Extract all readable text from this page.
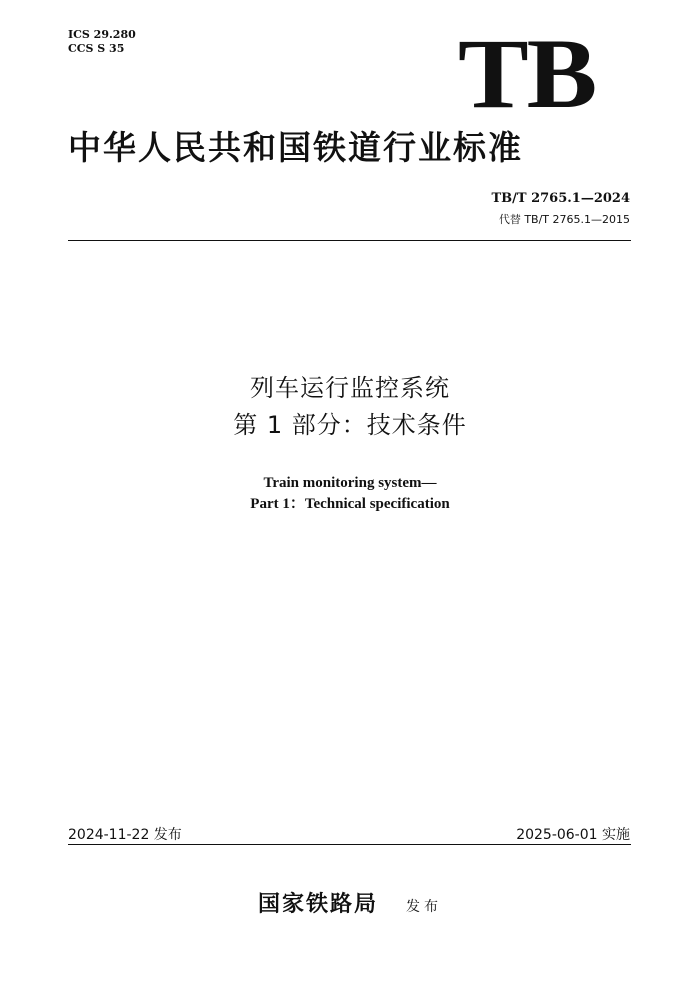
ICS 29.280
CCS S 35	TB
中华人民共和国铁道行业标准
TB/T 2765.1—2024
代替 TB/T 2765.1—2015
列车运行监控系统
第 1 部分：技术条件
Train monitoring system—
Part 1：Technical specification
2024-11-22 发布	2025-06-01 实施
国家铁路局 发布
